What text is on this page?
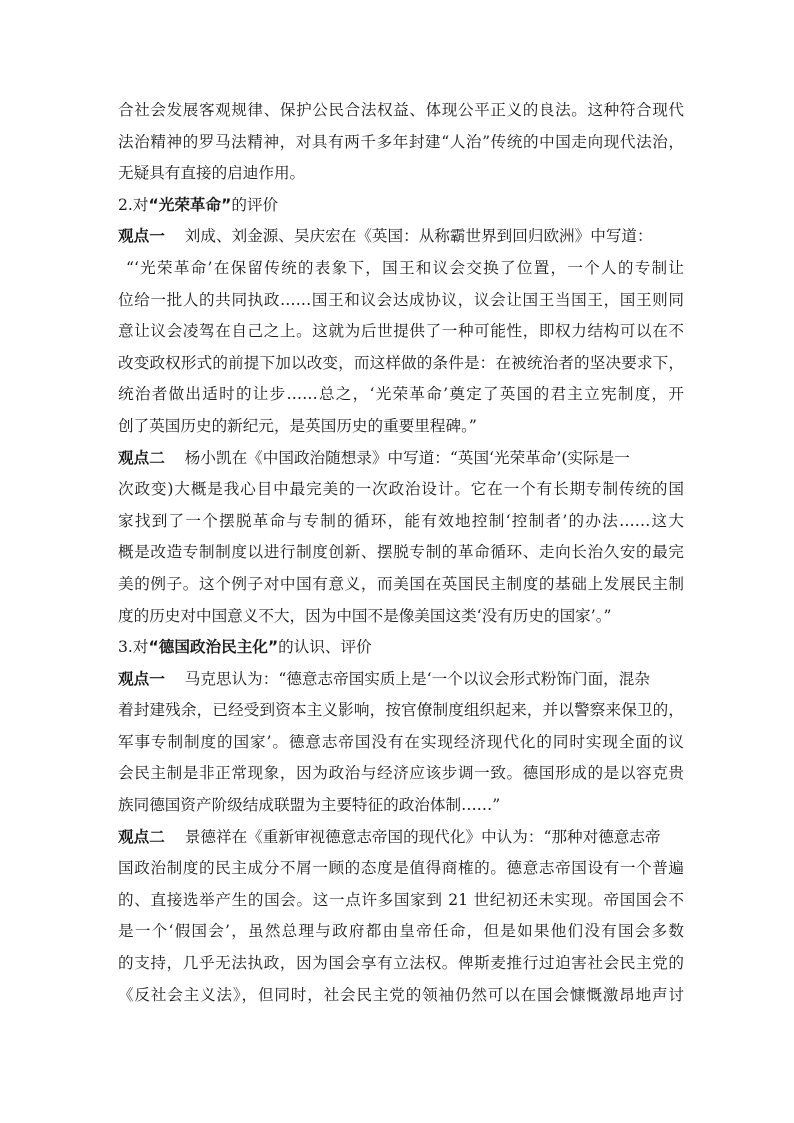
合社会发展客观规律、保护公民合法权益、体现公平正义的良法。这种符合现代
法治精神的罗马法精神，对具有两千多年封建“人治”传统的中国走向现代法治，
无疑具有直接的启迪作用。
2.对“光荣革命”的评价
观点一 刘成、刘金源、吴庆宏在《英国：从称霸世界到回归欧洲》中写道：
“‘光荣革命’在保留传统的表象下，国王和议会交换了位置，一个人的专制让
位给一批人的共同执政……国王和议会达成协议，议会让国王当国王，国王则同
意让议会凌驾在自己之上。这就为后世提供了一种可能性，即权力结构可以在不
改变政权形式的前提下加以改变，而这样做的条件是：在被统治者的坚决要求下，
统治者做出适时的让步……总之，‘光荣革命’奠定了英国的君主立宪制度，开
创了英国历史的新纪元，是英国历史的重要里程碑。”
观点二 杨小凯在《中国政治随想录》中写道：“英国‘光荣革命’(实际是一
次政变)大概是我心目中最完美的一次政治设计。它在一个有长期专制传统的国
家找到了一个摆脱革命与专制的循环，能有效地控制‘控制者’的办法……这大
概是改造专制制度以进行制度创新、摆脱专制的革命循环、走向长治久安的最完
美的例子。这个例子对中国有意义，而美国在英国民主制度的基础上发展民主制
度的历史对中国意义不大，因为中国不是像美国这类‘没有历史的国家’。”
3.对“德国政治民主化”的认识、评价
观点一 马克思认为：“德意志帝国实质上是‘一个以议会形式粉饰门面，混杂
着封建残余，已经受到资本主义影响，按官僚制度组织起来，并以警察来保卫的，
军事专制制度的国家’。德意志帝国没有在实现经济现代化的同时实现全面的议
会民主制是非正常现象，因为政治与经济应该步调一致。德国形成的是以容克贵
族同德国资产阶级结成联盟为主要特征的政治体制……”
观点二 景德祥在《重新审视德意志帝国的现代化》中认为：“那种对德意志帝
国政治制度的民主成分不屑一顾的态度是值得商榷的。德意志帝国设有一个普遍
的、直接选举产生的国会。这一点许多国家到 21 世纪初还未实现。帝国国会不
是一个‘假国会’，虽然总理与政府都由皇帝任命，但是如果他们没有国会多数
的支持，几乎无法执政，因为国会享有立法权。俾斯麦推行过迫害社会民主党的
《反社会主义法》，但同时，社会民主党的领袖仍然可以在国会慷慨激昂地声讨
